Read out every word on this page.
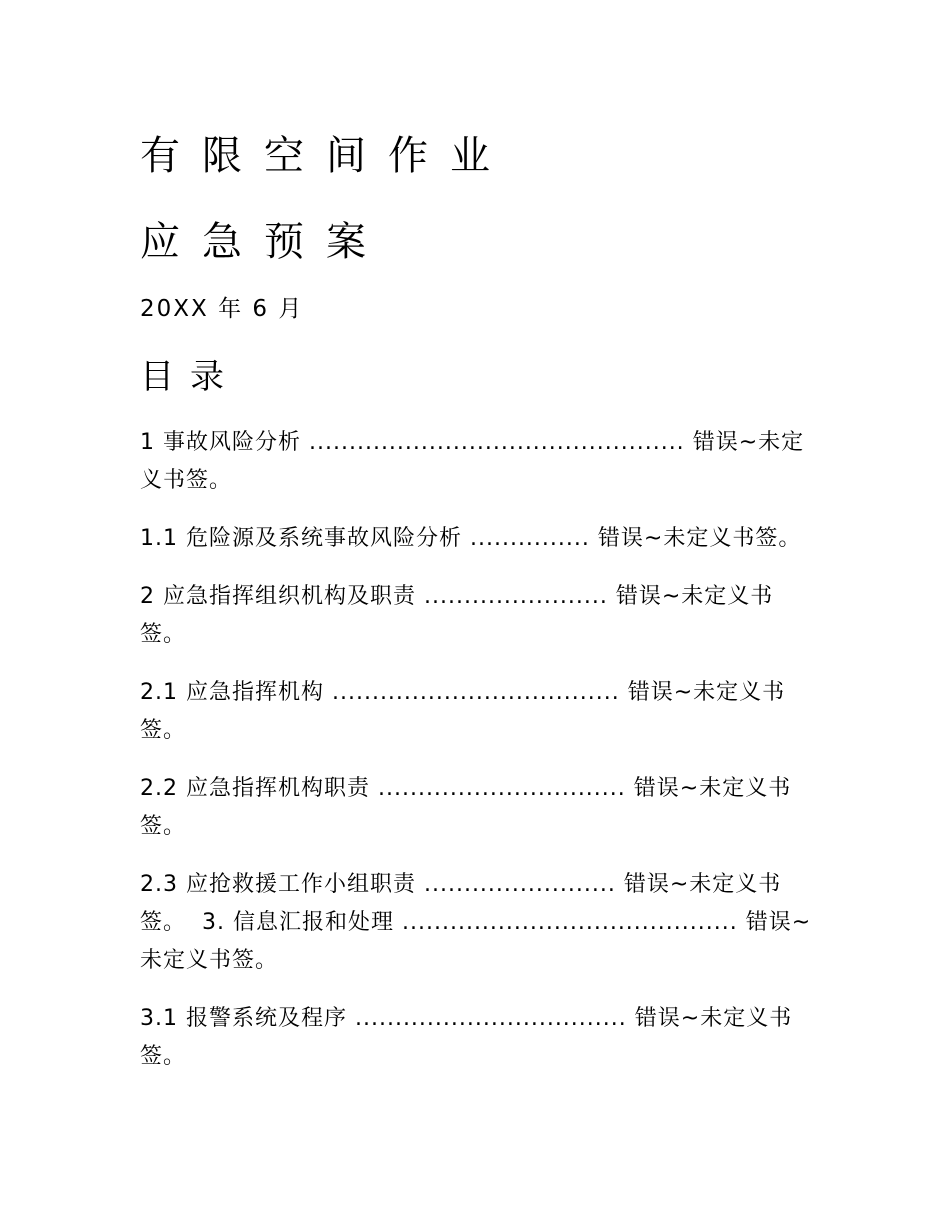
有限空间作业
应急预案
20XX 年 6 月
目录

1 事故风险分析 ............................................... 错误~未定义书签。

1.1 危险源及系统事故风险分析 ............... 错误~未定义书签。

2 应急指挥组织机构及职责 ....................... 错误~未定义书签。

2.1 应急指挥机构 .................................... 错误~未定义书签。

2.2 应急指挥机构职责 ............................... 错误~未定义书签。

2.3 应抢救援工作小组职责 ........................ 错误~未定义书签。 3. 信息汇报和处理 .......................................... 错误~未定义书签。

3.1 报警系统及程序 .................................. 错误~未定义书签。
